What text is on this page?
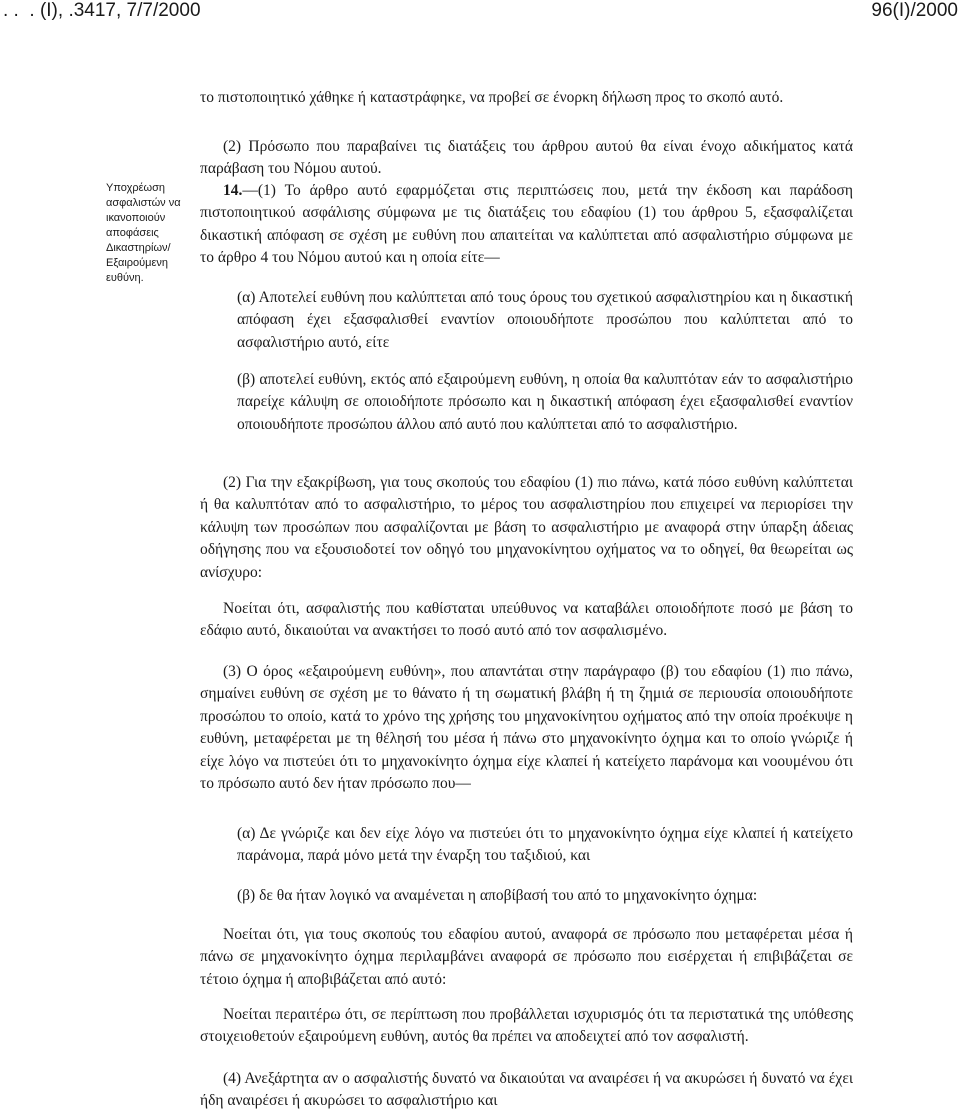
. .  . (I), .3417, 7/7/2000	96(I)/2000
Υποχρέωση
ασφαλιστών να
ικανοποιούν
αποφάσεις
Δικαστηρίων/
Εξαιρούμενη
ευθύνη.

το πιστοποιητικό χάθηκε ή καταστράφηκε, να προβεί σε ένορκη δήλωση προς το σκοπό αυτό.

(2) Πρόσωπο που παραβαίνει τις διατάξεις του άρθρου αυτού θα είναι ένοχο αδικήματος κατά παράβαση του Νόμου αυτού.

14.—(1) Το άρθρο αυτό εφαρμόζεται στις περιπτώσεις που, μετά την έκδοση και παράδοση πιστοποιητικού ασφάλισης σύμφωνα με τις διατάξεις του εδαφίου (1) του άρθρου 5, εξασφαλίζεται δικαστική απόφαση σε σχέση με ευθύνη που απαιτείται να καλύπτεται από ασφαλιστήριο σύμφωνα με το άρθρο 4 του Νόμου αυτού και η οποία είτε—

(α) Αποτελεί ευθύνη που καλύπτεται από τους όρους του σχετικού ασφαλιστηρίου και η δικαστική απόφαση έχει εξασφαλισθεί εναντίον οποιουδήποτε προσώπου που καλύπτεται από το ασφαλιστήριο αυτό, είτε

(β) αποτελεί ευθύνη, εκτός από εξαιρούμενη ευθύνη, η οποία θα καλυπτόταν εάν το ασφαλιστήριο παρείχε κάλυψη σε οποιοδήποτε πρόσωπο και η δικαστική απόφαση έχει εξασφαλισθεί εναντίον οποιουδήποτε προσώπου άλλου από αυτό που καλύπτεται από το ασφαλιστήριο.

(2) Για την εξακρίβωση, για τους σκοπούς του εδαφίου (1) πιο πάνω, κατά πόσο ευθύνη καλύπτεται ή θα καλυπτόταν από το ασφαλιστήριο, το μέρος του ασφαλιστηρίου που επιχειρεί να περιορίσει την κάλυψη των προσώπων που ασφαλίζονται με βάση το ασφαλιστήριο με αναφορά στην ύπαρξη άδειας οδήγησης που να εξουσιοδοτεί τον οδηγό του μηχανοκίνητου οχήματος να το οδηγεί, θα θεωρείται ως ανίσχυρο:

Νοείται ότι, ασφαλιστής που καθίσταται υπεύθυνος να καταβάλει οποιοδήποτε ποσό με βάση το εδάφιο αυτό, δικαιούται να ανακτήσει το ποσό αυτό από τον ασφαλισμένο.

(3) Ο όρος «εξαιρούμενη ευθύνη», που απαντάται στην παράγραφο (β) του εδαφίου (1) πιο πάνω, σημαίνει ευθύνη σε σχέση με το θάνατο ή τη σωματική βλάβη ή τη ζημιά σε περιουσία οποιουδήποτε προσώπου το οποίο, κατά το χρόνο της χρήσης του μηχανοκίνητου οχήματος από την οποία προέκυψε η ευθύνη, μεταφέρεται με τη θέλησή του μέσα ή πάνω στο μηχανοκίνητο όχημα και το οποίο γνώριζε ή είχε λόγο να πιστεύει ότι το μηχανοκίνητο όχημα είχε κλαπεί ή κατείχετο παράνομα και νοουμένου ότι το πρόσωπο αυτό δεν ήταν πρόσωπο που—

(α) Δε γνώριζε και δεν είχε λόγο να πιστεύει ότι το μηχανοκίνητο όχημα είχε κλαπεί ή κατείχετο παράνομα, παρά μόνο μετά την έναρξη του ταξιδιού, και

(β) δε θα ήταν λογικό να αναμένεται η αποβίβασή του από το μηχανοκίνητο όχημα:

Νοείται ότι, για τους σκοπούς του εδαφίου αυτού, αναφορά σε πρόσωπο που μεταφέρεται μέσα ή πάνω σε μηχανοκίνητο όχημα περιλαμβάνει αναφορά σε πρόσωπο που εισέρχεται ή επιβιβάζεται σε τέτοιο όχημα ή αποβιβάζεται από αυτό:

Νοείται περαιτέρω ότι, σε περίπτωση που προβάλλεται ισχυρισμός ότι τα περιστατικά της υπόθεσης στοιχειοθετούν εξαιρούμενη ευθύνη, αυτός θα πρέπει να αποδειχτεί από τον ασφαλιστή.

(4) Ανεξάρτητα αν ο ασφαλιστής δυνατό να δικαιούται να αναιρέσει ή να ακυρώσει ή δυνατό να έχει ήδη αναιρέσει ή ακυρώσει το ασφαλιστήριο και
